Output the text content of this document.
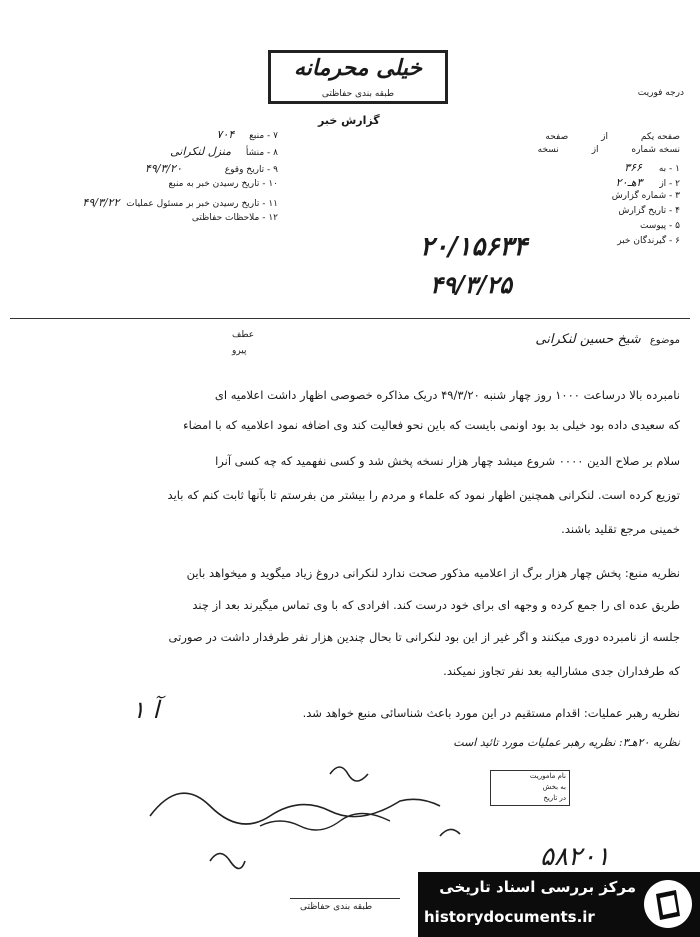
خیلی محرمانه
طبقه بندی حفاظتی	درجه فوریت
گزارش خبر
صفحه یکم از صفحه
نسخه شماره از نسخه
۱ - به ۳۶۶
۲ - از ۳هـ۲۰
۳ - شماره گزارش
۴ - تاریخ گزارش
۵ - پیوست
۶ - گیرندگان خبر
۷ - منبع ۷۰۴
۸ - منشأ منزل لنکرانی
۹ - تاریخ وقوع ۴۹/۳/۲۰
۱۰ - تاریخ رسیدن خبر به منبع
۱۱ - تاریخ رسیدن خبر بر مسئول عملیات ۴۹/۳/۲۲
۱۲ - ملاحظات حفاظتی
۲۰/۱۵۶۳۴
۴۹/۳/۲۵
موضوع شیخ حسین لنکرانی
عطف
پیرو
نامبرده بالا درساعت ۱۰۰۰ روز چهار شنبه ۴۹/۳/۲۰ دریک مذاکره خصوصی اظهار داشت اعلامیه ای
که سعیدی داده بود خیلی بد بود اونمی بایست که باین نحو فعالیت کند وی اضافه نمود اعلامیه که با امضاء
سلام بر صلاح الدین ۰۰۰۰ شروع میشد چهار هزار نسخه پخش شد و کسی نفهمید که چه کسی آنرا
توزیع کرده است. لنکرانی همچنین اظهار نمود که علماء و مردم را بیشتر من بفرستم تا بآنها ثابت کنم که باید
خمینی مرجع تقلید باشند.
نظریه منبع: پخش چهار هزار برگ از اعلامیه مذکور صحت ندارد لنکرانی دروغ زیاد میگوید و میخواهد باین
طریق عده ای را جمع کرده و وجهه ای برای خود درست کند. افرادی که با وی تماس میگیرند بعد از چند
جلسه از نامبرده دوری میکنند و اگر غیر از این بود لنکرانی تا بحال چندین هزار نفر طرفدار داشت در صورتی
که طرفداران جدی مشارالیه بعد نفر تجاوز نمیکند.
نظریه رهبر عملیات: اقدام مستقیم در این مورد باعث شناسائی منبع خواهد شد.
آ ۱
نظریه ۲۰هـ۳: نظریه رهبر عملیات مورد تائید است
نام ماموریت
به بخش
در تاریخ
۵۸۲۰۱
طبقه بندی حفاظتی
مرکز بررسی اسناد تاریخی
historydocuments.ir
